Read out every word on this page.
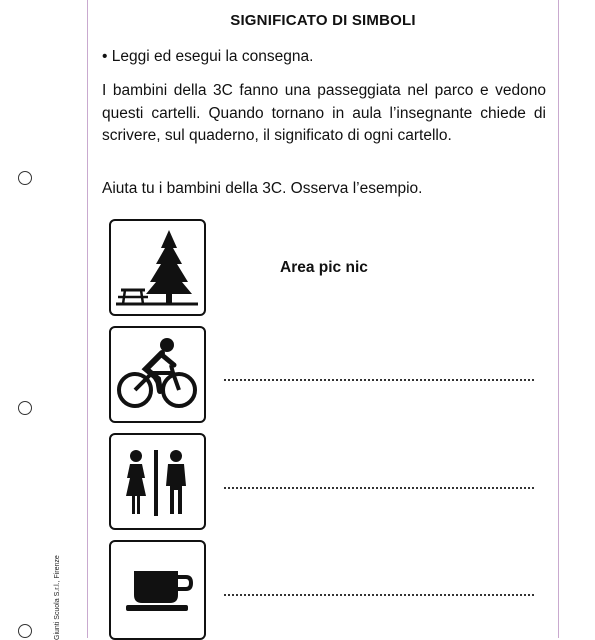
Giunti Scuola S.r.l., Firenze
SIGNIFICATO DI SIMBOLI
• Leggi ed esegui la consegna.
I bambini della 3C fanno una passeggiata nel parco e vedono questi cartelli. Quando tornano in aula l’insegnante chiede di scrivere, sul quaderno, il significato di ogni cartello.
Aiuta tu i bambini della 3C. Osserva l’esempio.
Area pic nic
